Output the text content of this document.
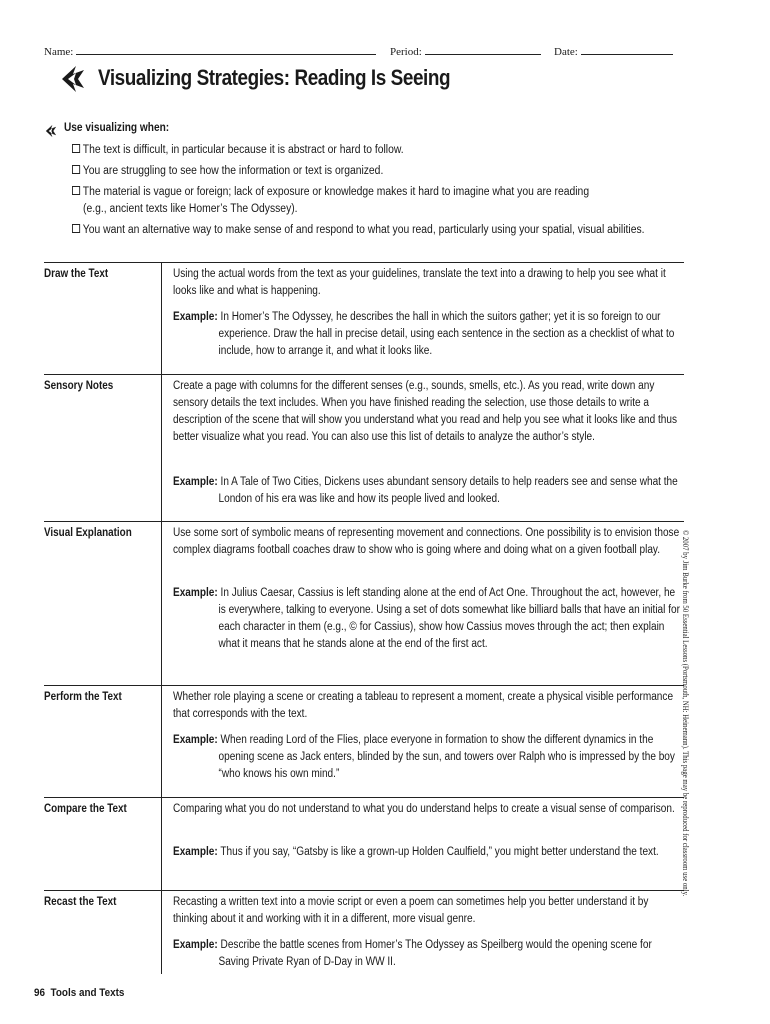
Name:	Period:	Date:
Visualizing Strategies: Reading Is Seeing
Use visualizing when:
The text is difficult, in particular because it is abstract or hard to follow.
You are struggling to see how the information or text is organized.
The material is vague or foreign; lack of exposure or knowledge makes it hard to imagine what you are reading
(e.g., ancient texts like Homer’s The Odyssey).
You want an alternative way to make sense of and respond to what you read, particularly using your spatial, visual abilities.
Draw the Text	Using the actual words from the text as your guidelines, translate the text into a drawing to help you see what it looks like and what is happening.
Example: In Homer’s The Odyssey, he describes the hall in which the suitors gather; yet it is so foreign to our experience. Draw the hall in precise detail, using each sentence in the section as a checklist of what to include, how to arrange it, and what it looks like.
Sensory Notes	Create a page with columns for the different senses (e.g., sounds, smells, etc.). As you read, write down any sensory details the text includes. When you have finished reading the selection, use those details to write a description of the scene that will show you understand what you read and help you see what it looks like and thus better visualize what you read. You can also use this list of details to analyze the author’s style.
Example: In A Tale of Two Cities, Dickens uses abundant sensory details to help readers see and sense what the London of his era was like and how its people lived and looked.
Visual Explanation	Use some sort of symbolic means of representing movement and connections. One possibility is to envision those complex diagrams football coaches draw to show who is going where and doing what on a given football play.
Example: In Julius Caesar, Cassius is left standing alone at the end of Act One. Throughout the act, however, he is everywhere, talking to everyone. Using a set of dots somewhat like billiard balls that have an initial for each character in them (e.g., © for Cassius), show how Cassius moves through the act; then explain what it means that he stands alone at the end of the first act.
Perform the Text	Whether role playing a scene or creating a tableau to represent a moment, create a physical visible performance that corresponds with the text.
Example: When reading Lord of the Flies, place everyone in formation to show the different dynamics in the opening scene as Jack enters, blinded by the sun, and towers over Ralph who is impressed by the boy “who knows his own mind.”
Compare the Text	Comparing what you do not understand to what you do understand helps to create a visual sense of comparison.
Example: Thus if you say, “Gatsby is like a grown-up Holden Caulfield,” you might better understand the text.
Recast the Text	Recasting a written text into a movie script or even a poem can sometimes help you better understand it by thinking about it and working with it in a different, more visual genre.
Example: Describe the battle scenes from Homer’s The Odyssey as Speilberg would the opening scene for Saving Private Ryan of D-Day in WW II.
96 Tools and Texts
© 2007 by Jim Burke from 50 Essential Lessons (Portsmouth, NH: Heinemann). This page may be reproduced for classroom use only.
